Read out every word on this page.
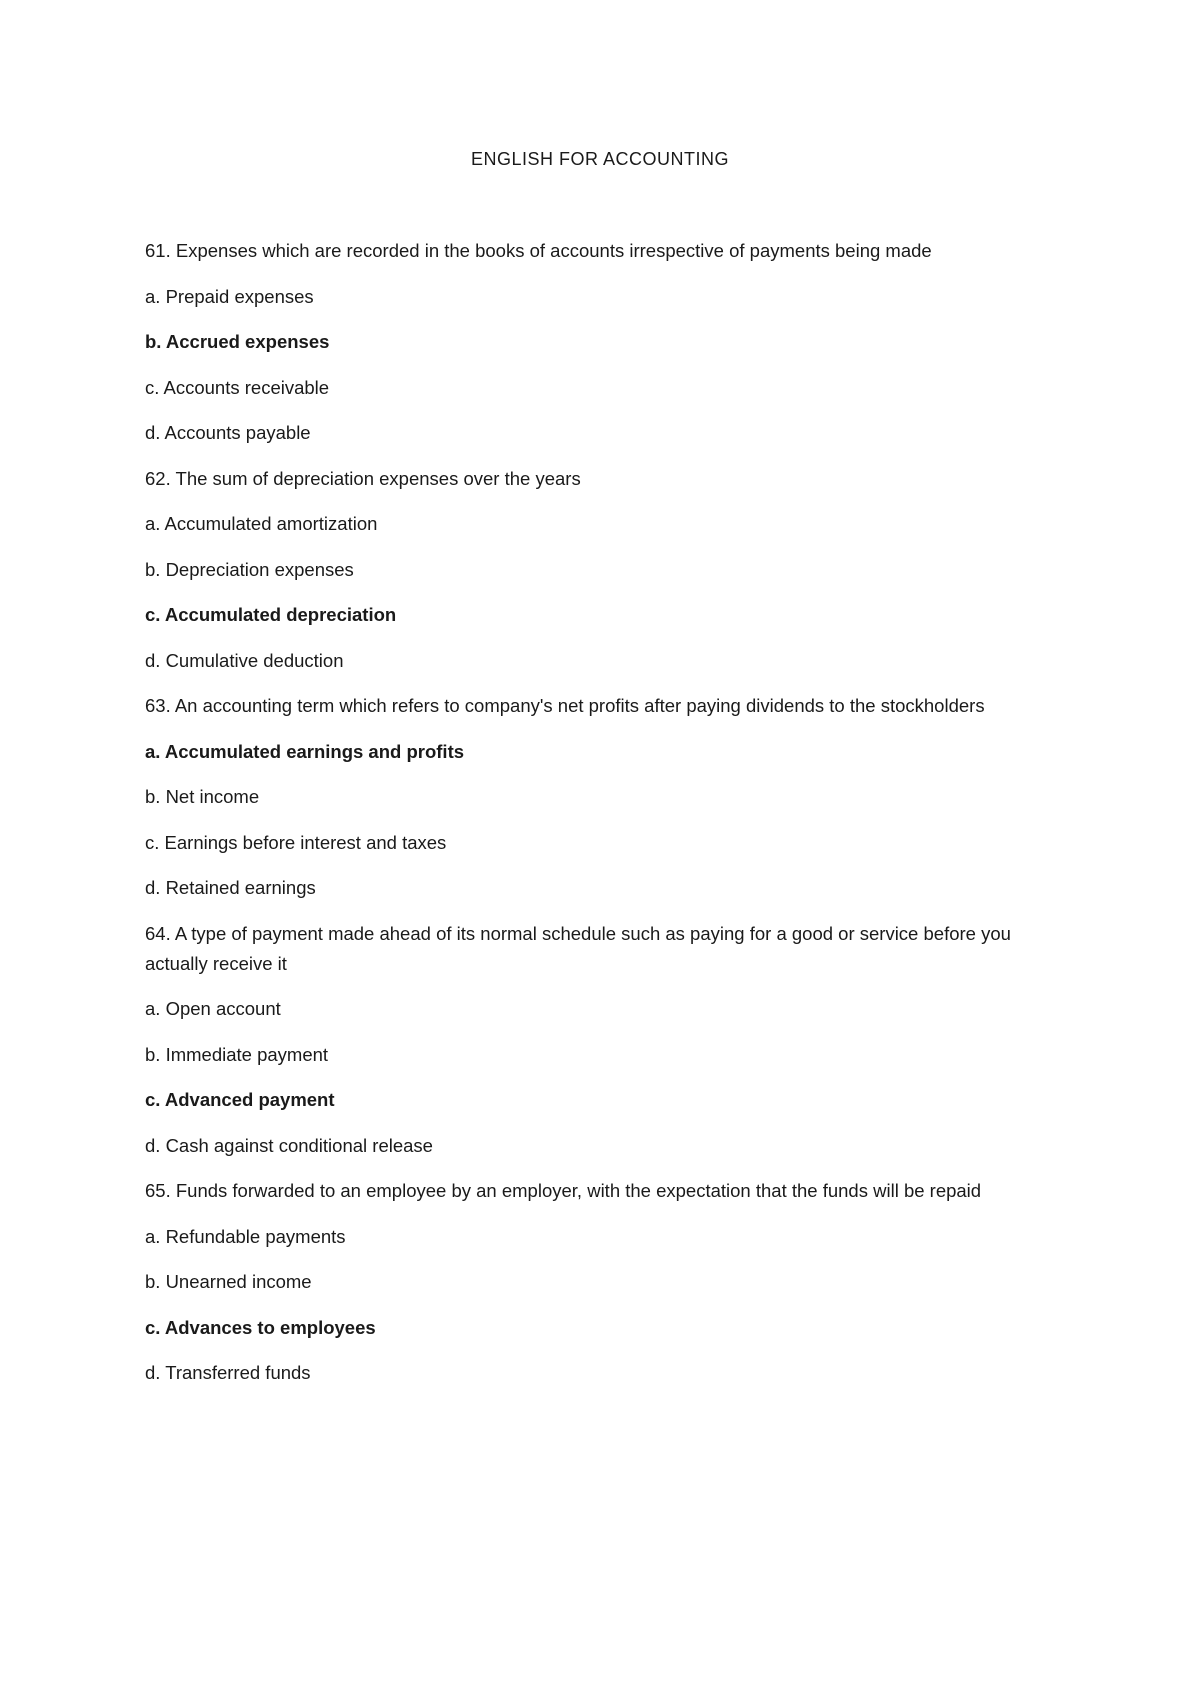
ENGLISH FOR ACCOUNTING

61. Expenses which are recorded in the books of accounts irrespective of payments being made

a. Prepaid expenses

b. Accrued expenses

c. Accounts receivable

d. Accounts payable

62. The sum of depreciation expenses over the years

a. Accumulated amortization

b. Depreciation expenses

c. Accumulated depreciation

d. Cumulative deduction

63. An accounting term which refers to company's net profits after paying dividends to the stockholders

a. Accumulated earnings and profits

b. Net income

c. Earnings before interest and taxes

d. Retained earnings

64. A type of payment made ahead of its normal schedule such as paying for a good or service before you actually receive it

a. Open account

b. Immediate payment

c. Advanced payment

d. Cash against conditional release

65. Funds forwarded to an employee by an employer, with the expectation that the funds will be repaid

a. Refundable payments

b. Unearned income

c. Advances to employees

d. Transferred funds
